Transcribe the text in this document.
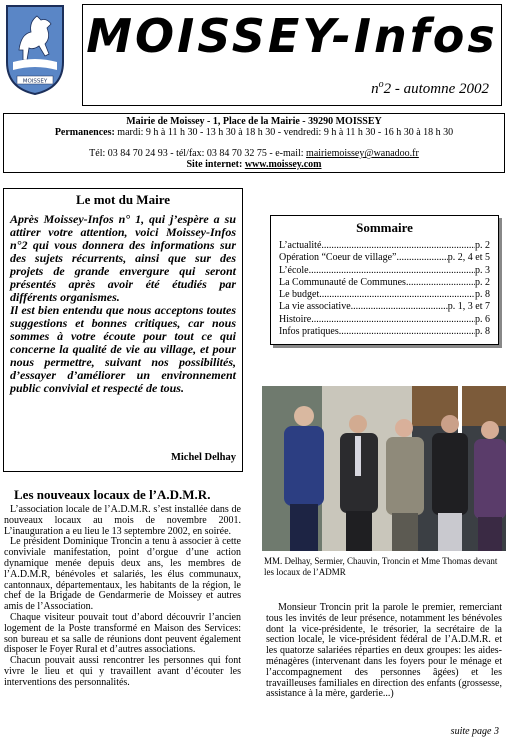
MOISSEY
MOISSEY-Infos
$n^o2$ - automne 2002
Mairie de Moissey - 1, Place de la Mairie - 39290 MOISSEY
Permanences: mardi: 9 h à 11 h 30 - 13 h 30 à 18 h 30 - vendredi: 9 h à 11 h 30 - 16 h 30 à 18 h 30
Tél: 03 84 70 24 93 - tél/fax: 03 84 70 32 75 - e-mail: mairiemoissey@wanadoo.fr
Site internet: www.moissey.com
Le mot du Maire

Après Moissey-Infos n° 1, qui j’espère a su attirer votre attention, voici Moissey-Infos n°2 qui vous donnera des informations sur des sujets récurrents, ainsi que sur des projets de grande envergure qui seront présentés après avoir été étudiés par différents organismes.

Il est bien entendu que nous acceptons toutes suggestions et bonnes critiques, car nous sommes à votre écoute pour tout ce qui concerne la qualité de vie au village, et pour nous permettre, suivant nos possibilités, d’essayer d’améliorer un environnement public convivial et respecté de tous.

Michel Delhay
Sommaire
L’actualité .....	p. 2
Opération “Coeur de village” .....	p. 2, 4 et 5
L’école .....	p. 3
La Communauté de Communes .....	p. 2
Le budget .....	p. 8
La vie associative .....	p. 1, 3 et 7
Histoire .....	p. 6
Infos pratiques .....	p. 8
MM. Delhay, Sermier, Chauvin, Troncin et Mme Thomas devant les locaux de l’ADMR
Les nouveaux locaux de l’A.D.M.R.

L’association locale de l’A.D.M.R. s’est installée dans de nouveaux locaux au mois de novembre 2001. L’inauguration a eu lieu le 13 septembre 2002, en soirée.

Le président Dominique Troncin a tenu à associer à cette conviviale manifestation, point d’orgue d’une action dynamique menée depuis deux ans, les membres de l’A.D.M.R, bénévoles et salariés, les élus communaux, cantonnaux, départementaux, les habitants de la région, le chef de la Brigade de Gendarmerie de Moissey et autres amis de l’Association.

Chaque visiteur pouvait tout d’abord découvrir l’ancien logement de la Poste transformé en Maison des Services: son bureau et sa salle de réunions dont peuvent également disposer le Foyer Rural et d’autres associations.

Chacun pouvait aussi rencontrer les personnes qui font vivre le lieu et qui y travaillent avant d’écouter les interventions des personnalités.

Monsieur Troncin prit la parole le premier, remerciant tous les invités de leur présence, notamment les bénévoles dont la vice-présidente, le trésorier, la secrétaire de la section locale, le vice-président fédéral de l’A.D.M.R. et les quatorze salariées réparties en deux groupes: les aides-ménagères (intervenant dans les foyers pour le ménage et l’accompagnement des personnes âgées) et les travailleuses familiales en direction des enfants (grossesse, assistance à la mère, garderie...)

suite page 3
